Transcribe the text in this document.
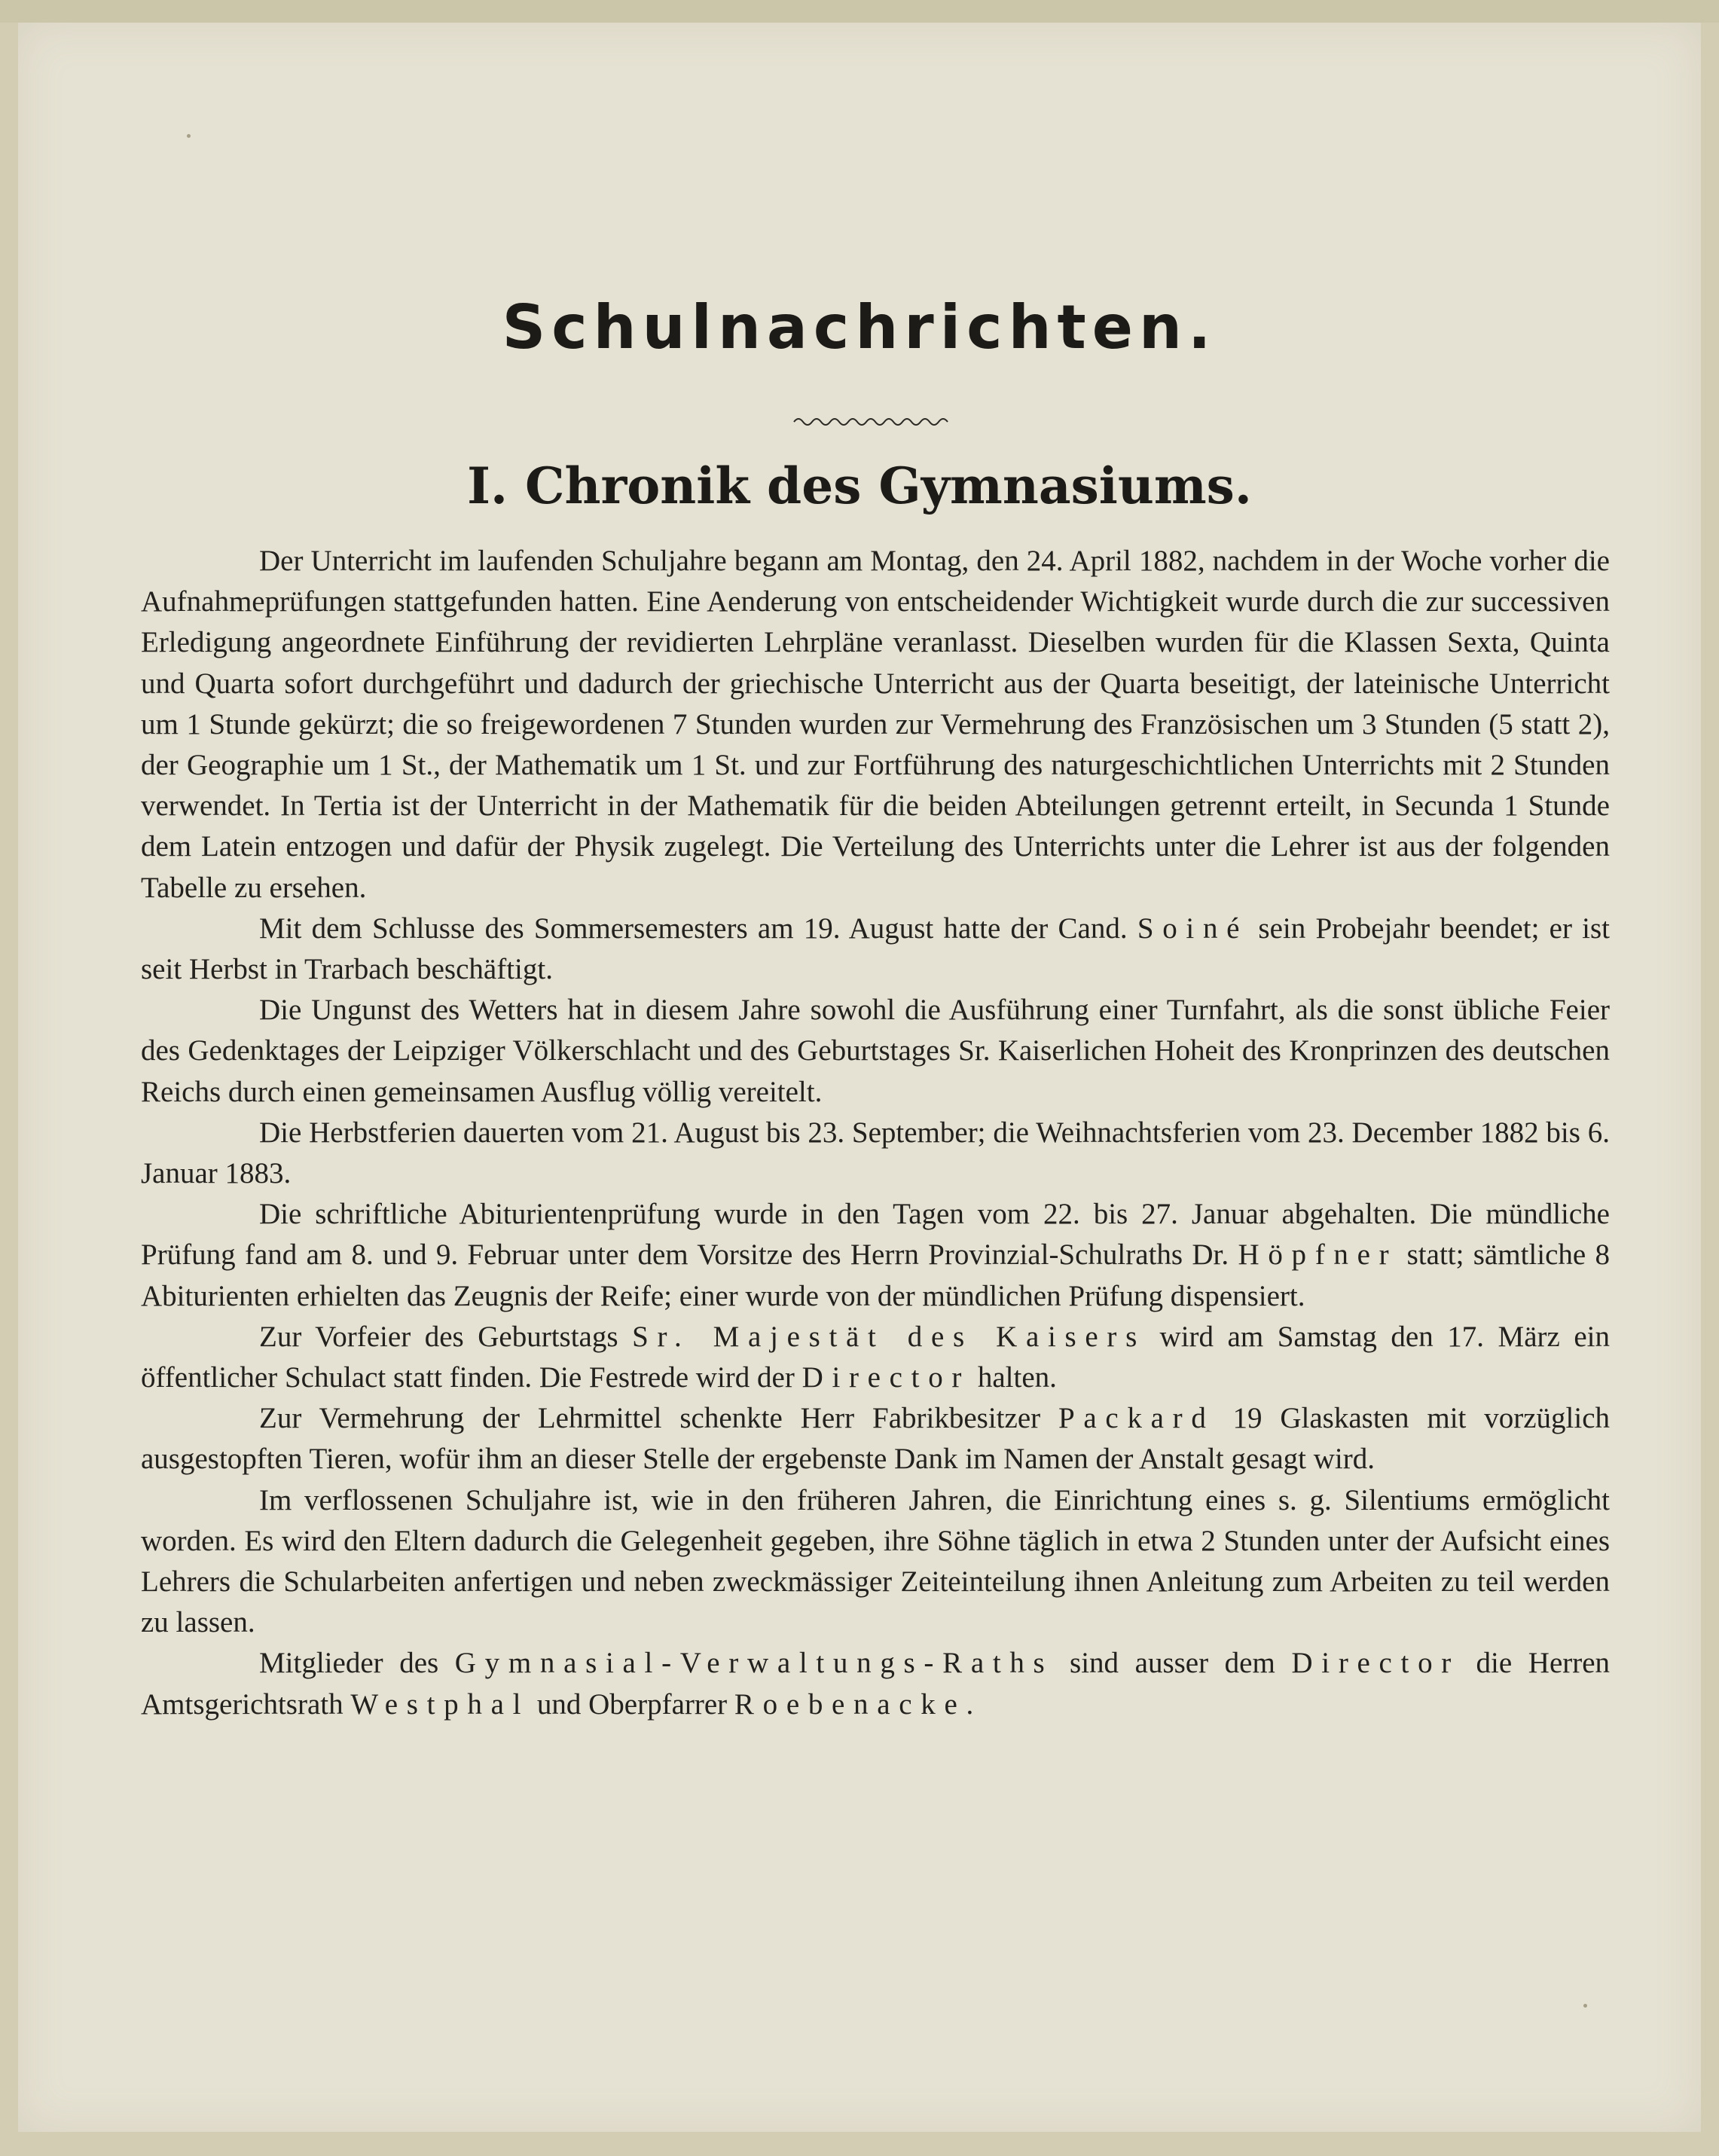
Schulnachrichten.
I. Chronik des Gymnasiums.

Der Unterricht im laufenden Schuljahre begann am Montag, den 24. April 1882, nachdem in der Woche vorher die Aufnahmeprüfungen stattgefunden hatten. Eine Aenderung von entscheidender Wichtigkeit wurde durch die zur successiven Erledigung angeordnete Einführung der revidierten Lehrpläne veranlasst. Dieselben wurden für die Klassen Sexta, Quinta und Quarta sofort durchgeführt und dadurch der griechische Unterricht aus der Quarta beseitigt, der lateinische Unterricht um 1 Stunde gekürzt; die so freigewordenen 7 Stunden wurden zur Vermehrung des Französischen um 3 Stunden (5 statt 2), der Geographie um 1 St., der Mathematik um 1 St. und zur Fortführung des naturgeschichtlichen Unterrichts mit 2 Stunden verwendet. In Tertia ist der Unterricht in der Mathematik für die beiden Abteilungen getrennt erteilt, in Secunda 1 Stunde dem Latein entzogen und dafür der Physik zugelegt. Die Verteilung des Unterrichts unter die Lehrer ist aus der folgenden Tabelle zu ersehen.

Mit dem Schlusse des Sommersemesters am 19. August hatte der Cand. Soiné sein Probejahr beendet; er ist seit Herbst in Trarbach beschäftigt.

Die Ungunst des Wetters hat in diesem Jahre sowohl die Ausführung einer Turnfahrt, als die sonst übliche Feier des Gedenktages der Leipziger Völkerschlacht und des Geburtstages Sr. Kaiserlichen Hoheit des Kronprinzen des deutschen Reichs durch einen gemeinsamen Ausflug völlig vereitelt.

Die Herbstferien dauerten vom 21. August bis 23. September; die Weihnachtsferien vom 23. December 1882 bis 6. Januar 1883.

Die schriftliche Abiturientenprüfung wurde in den Tagen vom 22. bis 27. Januar abgehalten. Die mündliche Prüfung fand am 8. und 9. Februar unter dem Vorsitze des Herrn Provinzial-Schulraths Dr. Höpfner statt; sämtliche 8 Abiturienten erhielten das Zeugnis der Reife; einer wurde von der mündlichen Prüfung dispensiert.

Zur Vorfeier des Geburtstags Sr. Majestät des Kaisers wird am Samstag den 17. März ein öffentlicher Schulact statt finden. Die Festrede wird der Director halten.

Zur Vermehrung der Lehrmittel schenkte Herr Fabrikbesitzer Packard 19 Glaskasten mit vorzüglich ausgestopften Tieren, wofür ihm an dieser Stelle der ergebenste Dank im Namen der Anstalt gesagt wird.

Im verflossenen Schuljahre ist, wie in den früheren Jahren, die Einrichtung eines s. g. Silentiums ermöglicht worden. Es wird den Eltern dadurch die Gelegenheit gegeben, ihre Söhne täglich in etwa 2 Stunden unter der Aufsicht eines Lehrers die Schularbeiten anfertigen und neben zweckmässiger Zeiteinteilung ihnen Anleitung zum Arbeiten zu teil werden zu lassen.

Mitglieder des Gymnasial-Verwaltungs-Raths sind ausser dem Director die Herren Amtsgerichtsrath Westphal und Oberpfarrer Roebenacke.
